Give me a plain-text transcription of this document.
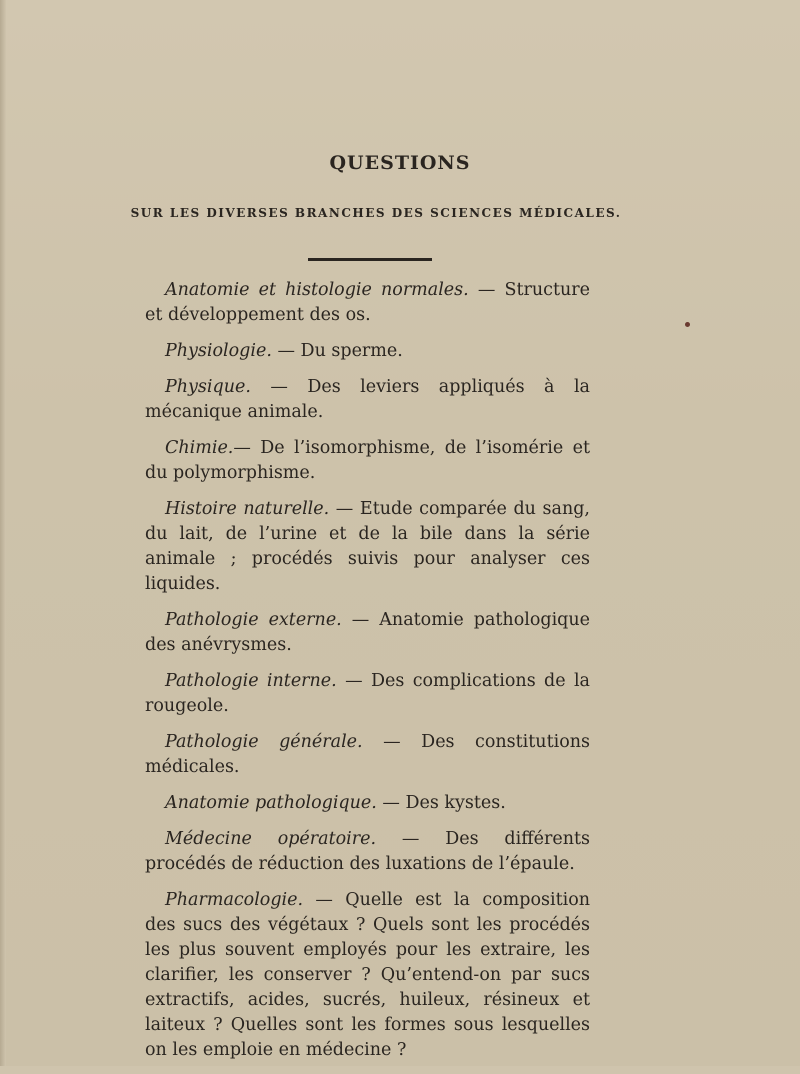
QUESTIONS
SUR LES DIVERSES BRANCHES DES SCIENCES MÉDICALES.

Anatomie et histologie normales. — Structure et développement des os.

Physiologie. — Du sperme.

Physique. — Des leviers appliqués à la mécanique animale.

Chimie.— De l’isomorphisme, de l’isomérie et du polymorphisme.

Histoire naturelle. — Etude comparée du sang, du lait, de l’urine et de la bile dans la série animale ; procédés suivis pour analyser ces liquides.

Pathologie externe. — Anatomie pathologique des anévrysmes.

Pathologie interne. — Des complications de la rougeole.

Pathologie générale. — Des constitutions médicales.

Anatomie pathologique. — Des kystes.

Médecine opératoire. — Des différents procédés de réduction des luxations de l’épaule.

Pharmacologie. — Quelle est la composition des sucs des végétaux ? Quels sont les procédés les plus souvent employés pour les extraire, les clarifier, les conserver ? Qu’entend-on par sucs extractifs, acides, sucrés, huileux, résineux et laiteux ? Quelles sont les formes sous lesquelles on les emploie en médecine ?
